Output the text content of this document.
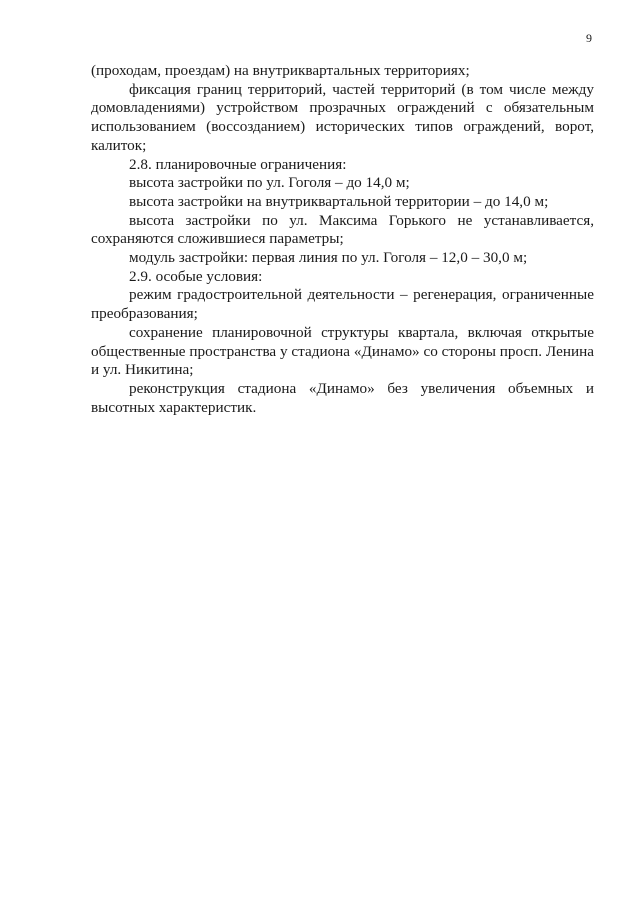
9

(проходам, проездам) на внутриквартальных территориях;

фиксация границ территорий, частей территорий (в том числе между домовладениями) устройством прозрачных ограждений с обязательным использованием (воссозданием) исторических типов ограждений, ворот, калиток;

2.8. планировочные ограничения:

высота застройки по ул. Гоголя – до 14,0 м;

высота застройки на внутриквартальной территории – до 14,0 м;

высота застройки по ул. Максима Горького не устанавливается, сохраняются сложившиеся параметры;

модуль застройки: первая линия по ул. Гоголя – 12,0 – 30,0 м;

2.9. особые условия:

режим градостроительной деятельности – регенерация, ограниченные преобразования;

сохранение планировочной структуры квартала, включая открытые общественные пространства у стадиона «Динамо» со стороны просп. Ленина и ул. Никитина;

реконструкция стадиона «Динамо» без увеличения объемных и высотных характеристик.
